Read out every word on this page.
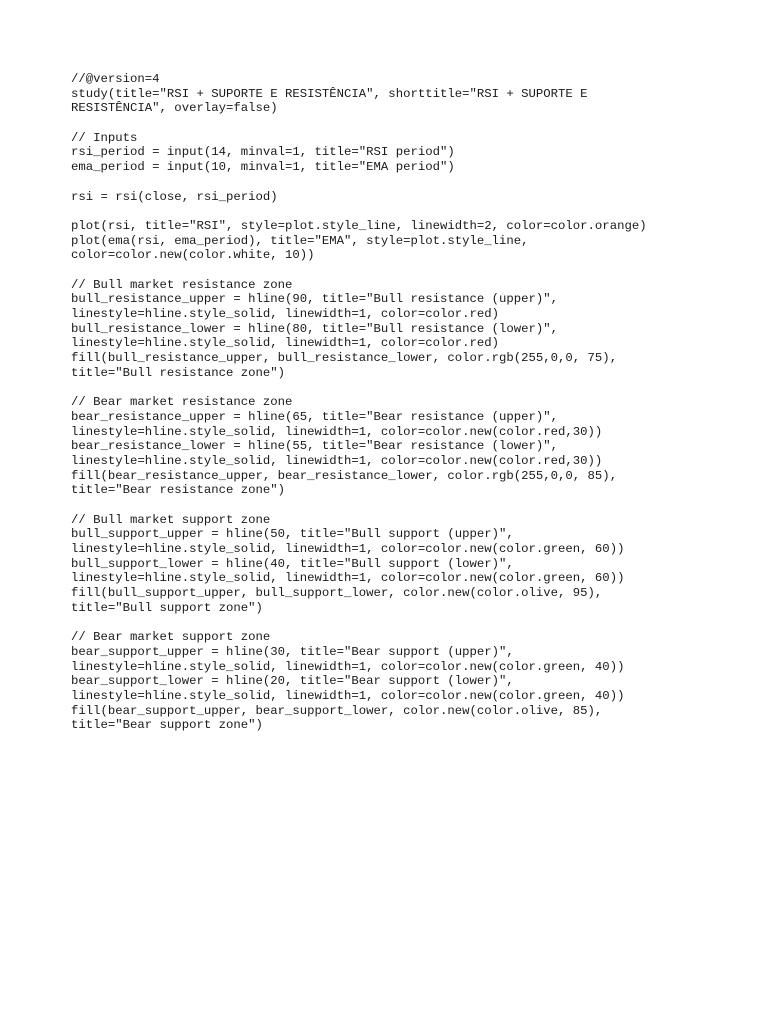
//@version=4
study(title="RSI + SUPORTE E RESISTÊNCIA", shorttitle="RSI + SUPORTE E
RESISTÊNCIA", overlay=false)
// Inputs
rsi_period = input(14, minval=1, title="RSI period")
ema_period = input(10, minval=1, title="EMA period")
rsi = rsi(close, rsi_period)
plot(rsi, title="RSI", style=plot.style_line, linewidth=2, color=color.orange)
plot(ema(rsi, ema_period), title="EMA", style=plot.style_line,
color=color.new(color.white, 10))
// Bull market resistance zone
bull_resistance_upper = hline(90, title="Bull resistance (upper)",
linestyle=hline.style_solid, linewidth=1, color=color.red)
bull_resistance_lower = hline(80, title="Bull resistance (lower)",
linestyle=hline.style_solid, linewidth=1, color=color.red)
fill(bull_resistance_upper, bull_resistance_lower, color.rgb(255,0,0, 75),
title="Bull resistance zone")
// Bear market resistance zone
bear_resistance_upper = hline(65, title="Bear resistance (upper)",
linestyle=hline.style_solid, linewidth=1, color=color.new(color.red,30))
bear_resistance_lower = hline(55, title="Bear resistance (lower)",
linestyle=hline.style_solid, linewidth=1, color=color.new(color.red,30))
fill(bear_resistance_upper, bear_resistance_lower, color.rgb(255,0,0, 85),
title="Bear resistance zone")
// Bull market support zone
bull_support_upper = hline(50, title="Bull support (upper)",
linestyle=hline.style_solid, linewidth=1, color=color.new(color.green, 60))
bull_support_lower = hline(40, title="Bull support (lower)",
linestyle=hline.style_solid, linewidth=1, color=color.new(color.green, 60))
fill(bull_support_upper, bull_support_lower, color.new(color.olive, 95),
title="Bull support zone")
// Bear market support zone
bear_support_upper = hline(30, title="Bear support (upper)",
linestyle=hline.style_solid, linewidth=1, color=color.new(color.green, 40))
bear_support_lower = hline(20, title="Bear support (lower)",
linestyle=hline.style_solid, linewidth=1, color=color.new(color.green, 40))
fill(bear_support_upper, bear_support_lower, color.new(color.olive, 85),
title="Bear support zone")
